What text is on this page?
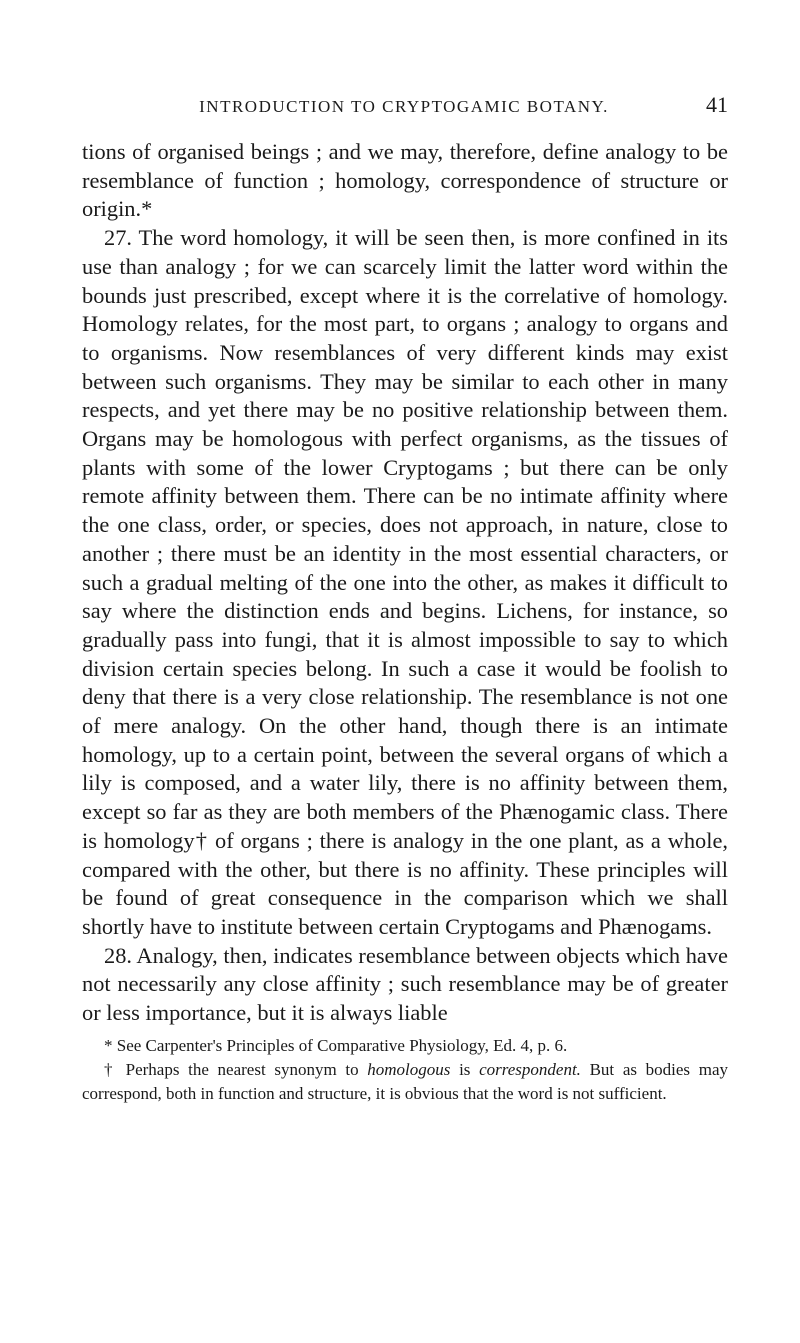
INTRODUCTION TO CRYPTOGAMIC BOTANY.	41

tions of organised beings ; and we may, therefore, define analogy to be resemblance of function ; homology, correspondence of structure or origin.*

27. The word homology, it will be seen then, is more confined in its use than analogy ; for we can scarcely limit the latter word within the bounds just prescribed, except where it is the correlative of homology. Homology relates, for the most part, to organs ; analogy to organs and to organisms. Now resemblances of very different kinds may exist between such organisms. They may be similar to each other in many respects, and yet there may be no positive relationship between them. Organs may be homologous with perfect organisms, as the tissues of plants with some of the lower Cryptogams ; but there can be only remote affinity between them. There can be no intimate affinity where the one class, order, or species, does not approach, in nature, close to another ; there must be an identity in the most essential characters, or such a gradual melting of the one into the other, as makes it difficult to say where the distinction ends and begins. Lichens, for instance, so gradually pass into fungi, that it is almost impossible to say to which division certain species belong. In such a case it would be foolish to deny that there is a very close relationship. The resemblance is not one of mere analogy. On the other hand, though there is an intimate homology, up to a certain point, between the several organs of which a lily is composed, and a water lily, there is no affinity between them, except so far as they are both members of the Phænogamic class. There is homology† of organs ; there is analogy in the one plant, as a whole, compared with the other, but there is no affinity. These principles will be found of great consequence in the comparison which we shall shortly have to institute between certain Cryptogams and Phænogams.

28. Analogy, then, indicates resemblance between objects which have not necessarily any close affinity ; such resemblance may be of greater or less importance, but it is always liable

* See Carpenter's Principles of Comparative Physiology, Ed. 4, p. 6.

† Perhaps the nearest synonym to homologous is correspondent. But as bodies may correspond, both in function and structure, it is obvious that the word is not sufficient.
